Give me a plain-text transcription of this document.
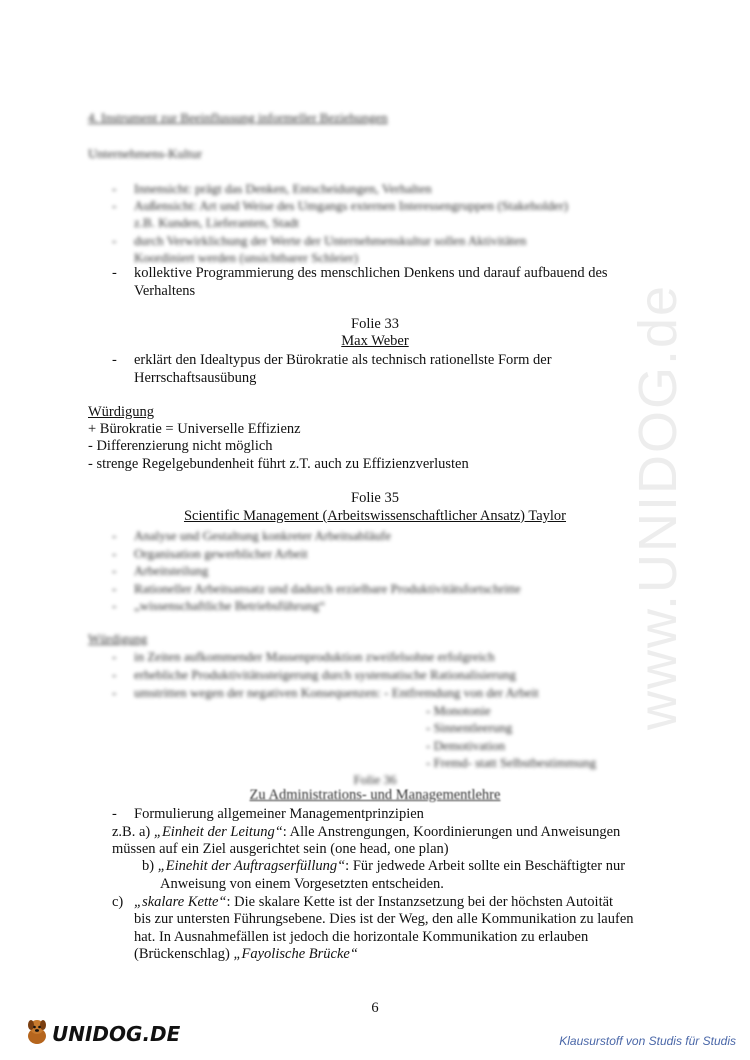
www.UNIDOG.de
4. Instrument zur Beeinflussung informeller Beziehungen
Unternehmens-Kultur
- Innensicht: prägt das Denken, Entscheidungen, Verhalten
- Außensicht: Art und Weise des Umgangs externen Interessengruppen (Stakeholder)
z.B. Kunden, Lieferanten, Stadt
- durch Verwirklichung der Werte der Unternehmenskultur sollen Aktivitäten
Koordiniert werden (unsichtbarer Schleier)
- kollektive Programmierung des menschlichen Denkens und darauf aufbauend des
Verhaltens
Folie 33
Max Weber
- erklärt den Idealtypus der Bürokratie als technisch rationellste Form der
Herrschaftsausübung
Würdigung
+ Bürokratie = Universelle Effizienz
- Differenzierung nicht möglich
- strenge Regelgebundenheit führt z.T. auch zu Effizienzverlusten
Folie 35
Scientific Management (Arbeitswissenschaftlicher Ansatz) Taylor
- Analyse und Gestaltung konkreter Arbeitsabläufe
- Organisation gewerblicher Arbeit
- Arbeitsteilung
- Rationeller Arbeitsansatz und dadurch erzielbare Produktivitätsfortschritte
- „wissenschaftliche Betriebsführung“
Würdigung
- in Zeiten aufkommender Massenproduktion zweifelsohne erfolgreich
- erhebliche Produktivitätssteigerung durch systematische Rationalisierung
- umstritten wegen der negativen Konsequenzen: - Entfremdung von der Arbeit
- Monotonie
- Sinnentleerung
- Demotivation
- Fremd- statt Selbstbestimmung
Folie 36
Zu Administrations- und Managementlehre
- Formulierung allgemeiner Managementprinzipien
z.B. a) „Einheit der Leitung“: Alle Anstrengungen, Koordinierungen und Anweisungen
müssen auf ein Ziel ausgerichtet sein (one head, one plan)
b) „Einehit der Auftragserfüllung“: Für jedwede Arbeit sollte ein Beschäftigter nur
Anweisung von einem Vorgesetzten entscheiden.
c) „skalare Kette“: Die skalare Kette ist der Instanzsetzung bei der höchsten Autoität
bis zur untersten Führungsebene. Dies ist der Weg, den alle Kommunikation zu laufen
hat. In Ausnahmefällen ist jedoch die horizontale Kommunikation zu erlauben
(Brückenschlag) „Fayolische Brücke“
6
UNIDOG.DE	Klausurstoff von Studis für Studis
